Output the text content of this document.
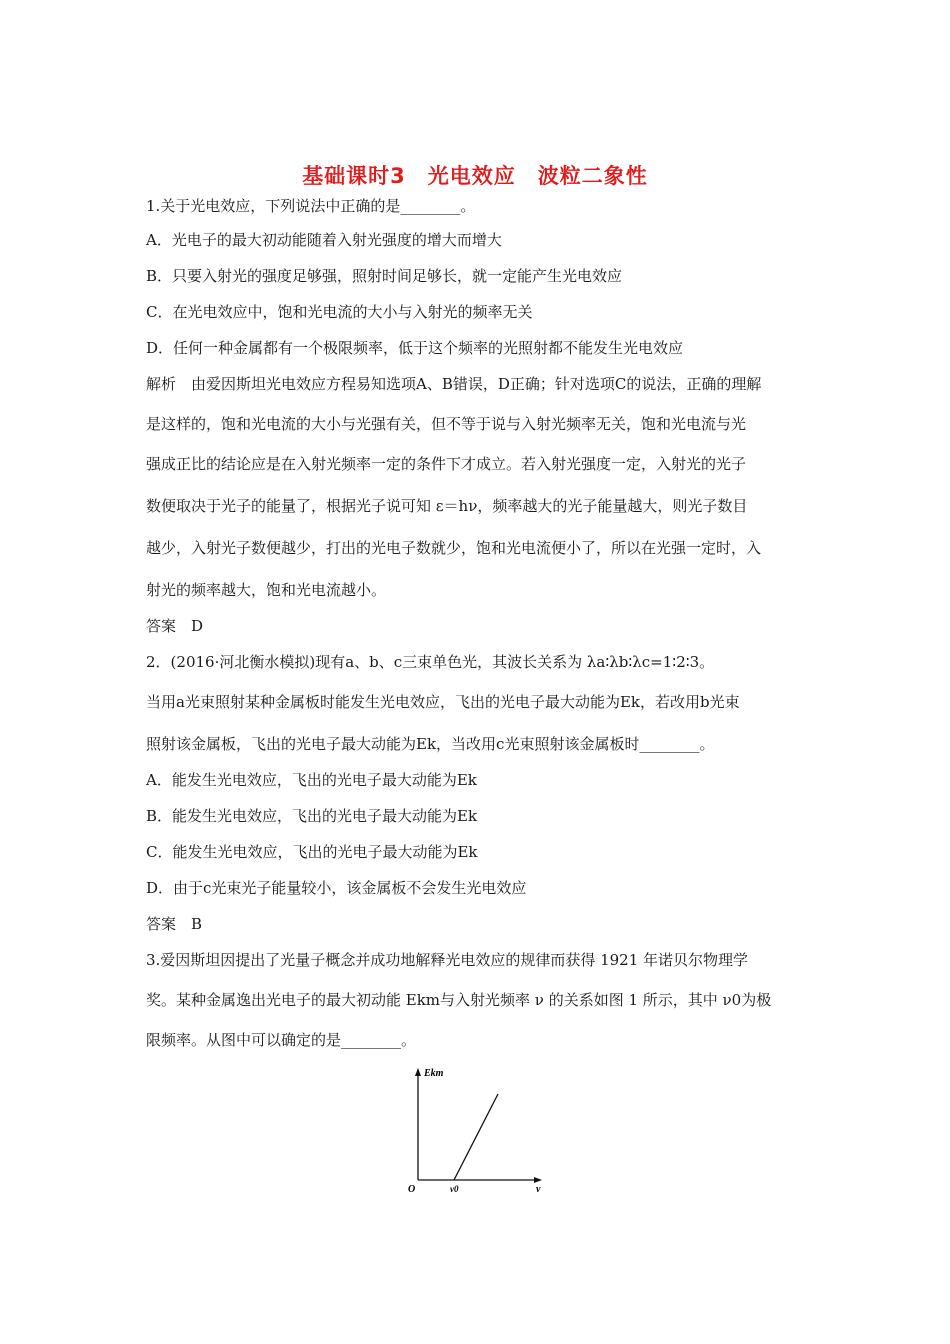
基础课时3　光电效应　波粒二象性
1.关于光电效应，下列说法中正确的是________。
A．光电子的最大初动能随着入射光强度的增大而增大
B．只要入射光的强度足够强，照射时间足够长，就一定能产生光电效应
C．在光电效应中，饱和光电流的大小与入射光的频率无关
D．任何一种金属都有一个极限频率，低于这个频率的光照射都不能发生光电效应
解析　由爱因斯坦光电效应方程易知选项A、B错误，D正确；针对选项C的说法，正确的理解
是这样的，饱和光电流的大小与光强有关，但不等于说与入射光频率无关，饱和光电流与光
强成正比的结论应是在入射光频率一定的条件下才成立。若入射光强度一定，入射光的光子
数便取决于光子的能量了，根据光子说可知 ε＝hν，频率越大的光子能量越大，则光子数目
越少，入射光子数便越少，打出的光电子数就少，饱和光电流便小了，所以在光强一定时，入
射光的频率越大，饱和光电流越小。
答案　D
2．(2016·河北衡水模拟)现有a、b、c三束单色光，其波长关系为 λa∶λb∶λc=1∶2∶3。
当用a光束照射某种金属板时能发生光电效应，飞出的光电子最大动能为Ek，若改用b光束
照射该金属板，飞出的光电子最大动能为Ek，当改用c光束照射该金属板时________。
A．能发生光电效应，飞出的光电子最大动能为Ek
B．能发生光电效应，飞出的光电子最大动能为Ek
C．能发生光电效应，飞出的光电子最大动能为Ek
D．由于c光束光子能量较小，该金属板不会发生光电效应
答案　B
3.爱因斯坦因提出了光量子概念并成功地解释光电效应的规律而获得 1921 年诺贝尔物理学
奖。某种金属逸出光电子的最大初动能 Ekm与入射光频率 ν 的关系如图 1 所示，其中 ν0为极
限频率。从图中可以确定的是________。
Ekm
O	ν0	ν
